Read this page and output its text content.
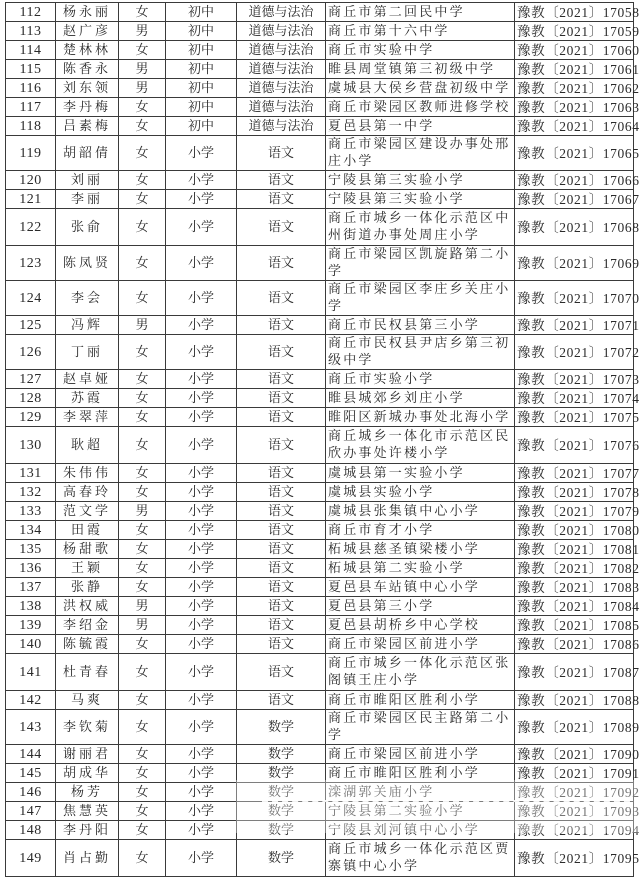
112	杨永丽	女	初中	道德与法治	商丘市第二回民中学	豫教〔2021〕17058
113	赵广彦	男	初中	道德与法治	商丘市第十六中学	豫教〔2021〕17059
114	楚林林	女	初中	道德与法治	商丘市实验中学	豫教〔2021〕17060
115	陈香永	男	初中	道德与法治	睢县周堂镇第三初级中学	豫教〔2021〕17061
116	刘东领	男	初中	道德与法治	虞城县大侯乡营盘初级中学	豫教〔2021〕17062
117	李丹梅	女	初中	道德与法治	商丘市梁园区教师进修学校	豫教〔2021〕17063
118	吕素梅	女	初中	道德与法治	夏邑县第一中学	豫教〔2021〕17064
119	胡韶倩	女	小学	语文	商丘市梁园区建设办事处邢庄小学	豫教〔2021〕17065
120	刘丽	女	小学	语文	宁陵县第三实验小学	豫教〔2021〕17066
121	李丽	女	小学	语文	宁陵县第三实验小学	豫教〔2021〕17067
122	张俞	女	小学	语文	商丘市城乡一体化示范区中州街道办事处周庄小学	豫教〔2021〕17068
123	陈凤贤	女	小学	语文	商丘市梁园区凯旋路第二小学	豫教〔2021〕17069
124	李会	女	小学	语文	商丘市梁园区李庄乡关庄小学	豫教〔2021〕17070
125	冯辉	男	小学	语文	商丘市民权县第三小学	豫教〔2021〕17071
126	丁丽	女	小学	语文	商丘市民权县尹店乡第三初级中学	豫教〔2021〕17072
127	赵卓娅	女	小学	语文	商丘市实验小学	豫教〔2021〕17073
128	苏霞	女	小学	语文	睢县城郊乡刘庄小学	豫教〔2021〕17074
129	李翠萍	女	小学	语文	睢阳区新城办事处北海小学	豫教〔2021〕17075
130	耿超	女	小学	语文	商丘城乡一体化市示范区民欣办事处许楼小学	豫教〔2021〕17076
131	朱伟伟	女	小学	语文	虞城县第一实验小学	豫教〔2021〕17077
132	高春玲	女	小学	语文	虞城县实验小学	豫教〔2021〕17078
133	范文学	男	小学	语文	虞城县张集镇中心小学	豫教〔2021〕17079
134	田霞	女	小学	语文	商丘市育才小学	豫教〔2021〕17080
135	杨甜歌	女	小学	语文	柘城县慈圣镇梁楼小学	豫教〔2021〕17081
136	王颖	女	小学	语文	柘城县第二实验小学	豫教〔2021〕17082
137	张静	女	小学	语文	夏邑县车站镇中心小学	豫教〔2021〕17083
138	洪权威	男	小学	语文	夏邑县第三小学	豫教〔2021〕17084
139	李绍金	男	小学	语文	夏邑县胡桥乡中心学校	豫教〔2021〕17085
140	陈毓霞	女	小学	语文	商丘市梁园区前进小学	豫教〔2021〕17086
141	杜青春	女	小学	语文	商丘市城乡一体化示范区张阁镇王庄小学	豫教〔2021〕17087
142	马爽	女	小学	语文	商丘市睢阳区胜利小学	豫教〔2021〕17088
143	李钦菊	女	小学	数学	商丘市梁园区民主路第二小学	豫教〔2021〕17089
144	谢丽君	女	小学	数学	商丘市梁园区前进小学	豫教〔2021〕17090
145	胡成华	女	小学	数学	商丘市睢阳区胜利小学	豫教〔2021〕17091
146	杨芳	女	小学	数学	滦湖郭关庙小学	豫教〔2021〕17092
147	焦慧英	女	小学	数学	宁陵县第二实验小学	豫教〔2021〕17093
148	李丹阳	女	小学	数学	宁陵县刘河镇中心小学	豫教〔2021〕17094
149	肖占勤	女	小学	数学	商丘市城乡一体化示范区贾寨镇中心小学	豫教〔2021〕17095
